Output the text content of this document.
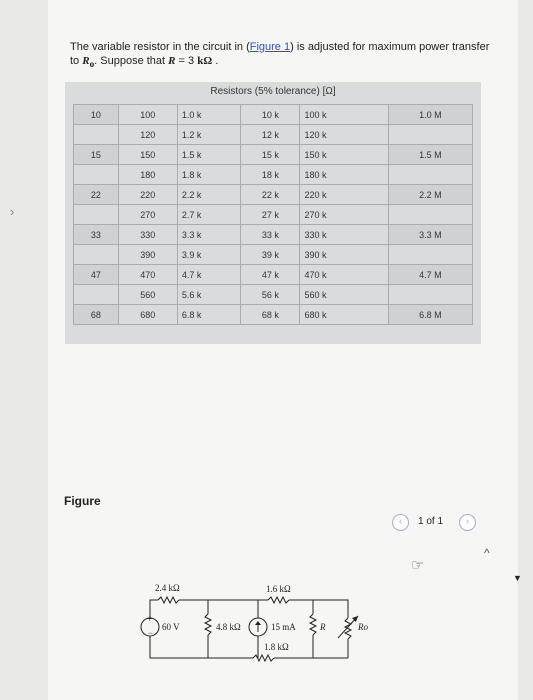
›
The variable resistor in the circuit in (Figure 1) is adjusted for maximum power transfer
to $R_o$. Suppose that R = 3 kΩ .
Resistors (5% tolerance) [Ω]
10	100	1.0 k	10 k	100 k	1.0 M
	120	1.2 k	12 k	120 k	
15	150	1.5 k	15 k	150 k	1.5 M
	180	1.8 k	18 k	180 k	
22	220	2.2 k	22 k	220 k	2.2 M
	270	2.7 k	27 k	270 k	
33	330	3.3 k	33 k	330 k	3.3 M
	390	3.9 k	39 k	390 k	
47	470	4.7 k	47 k	470 k	4.7 M
	560	5.6 k	56 k	560 k	
68	680	6.8 k	68 k	680 k	6.8 M
Figure
‹	1 of 1	›
^
☞
▼
+
−
2.4 kΩ	1.6 kΩ
60 V	4.8 kΩ	15 mA	R
1.8 kΩ
Ro
